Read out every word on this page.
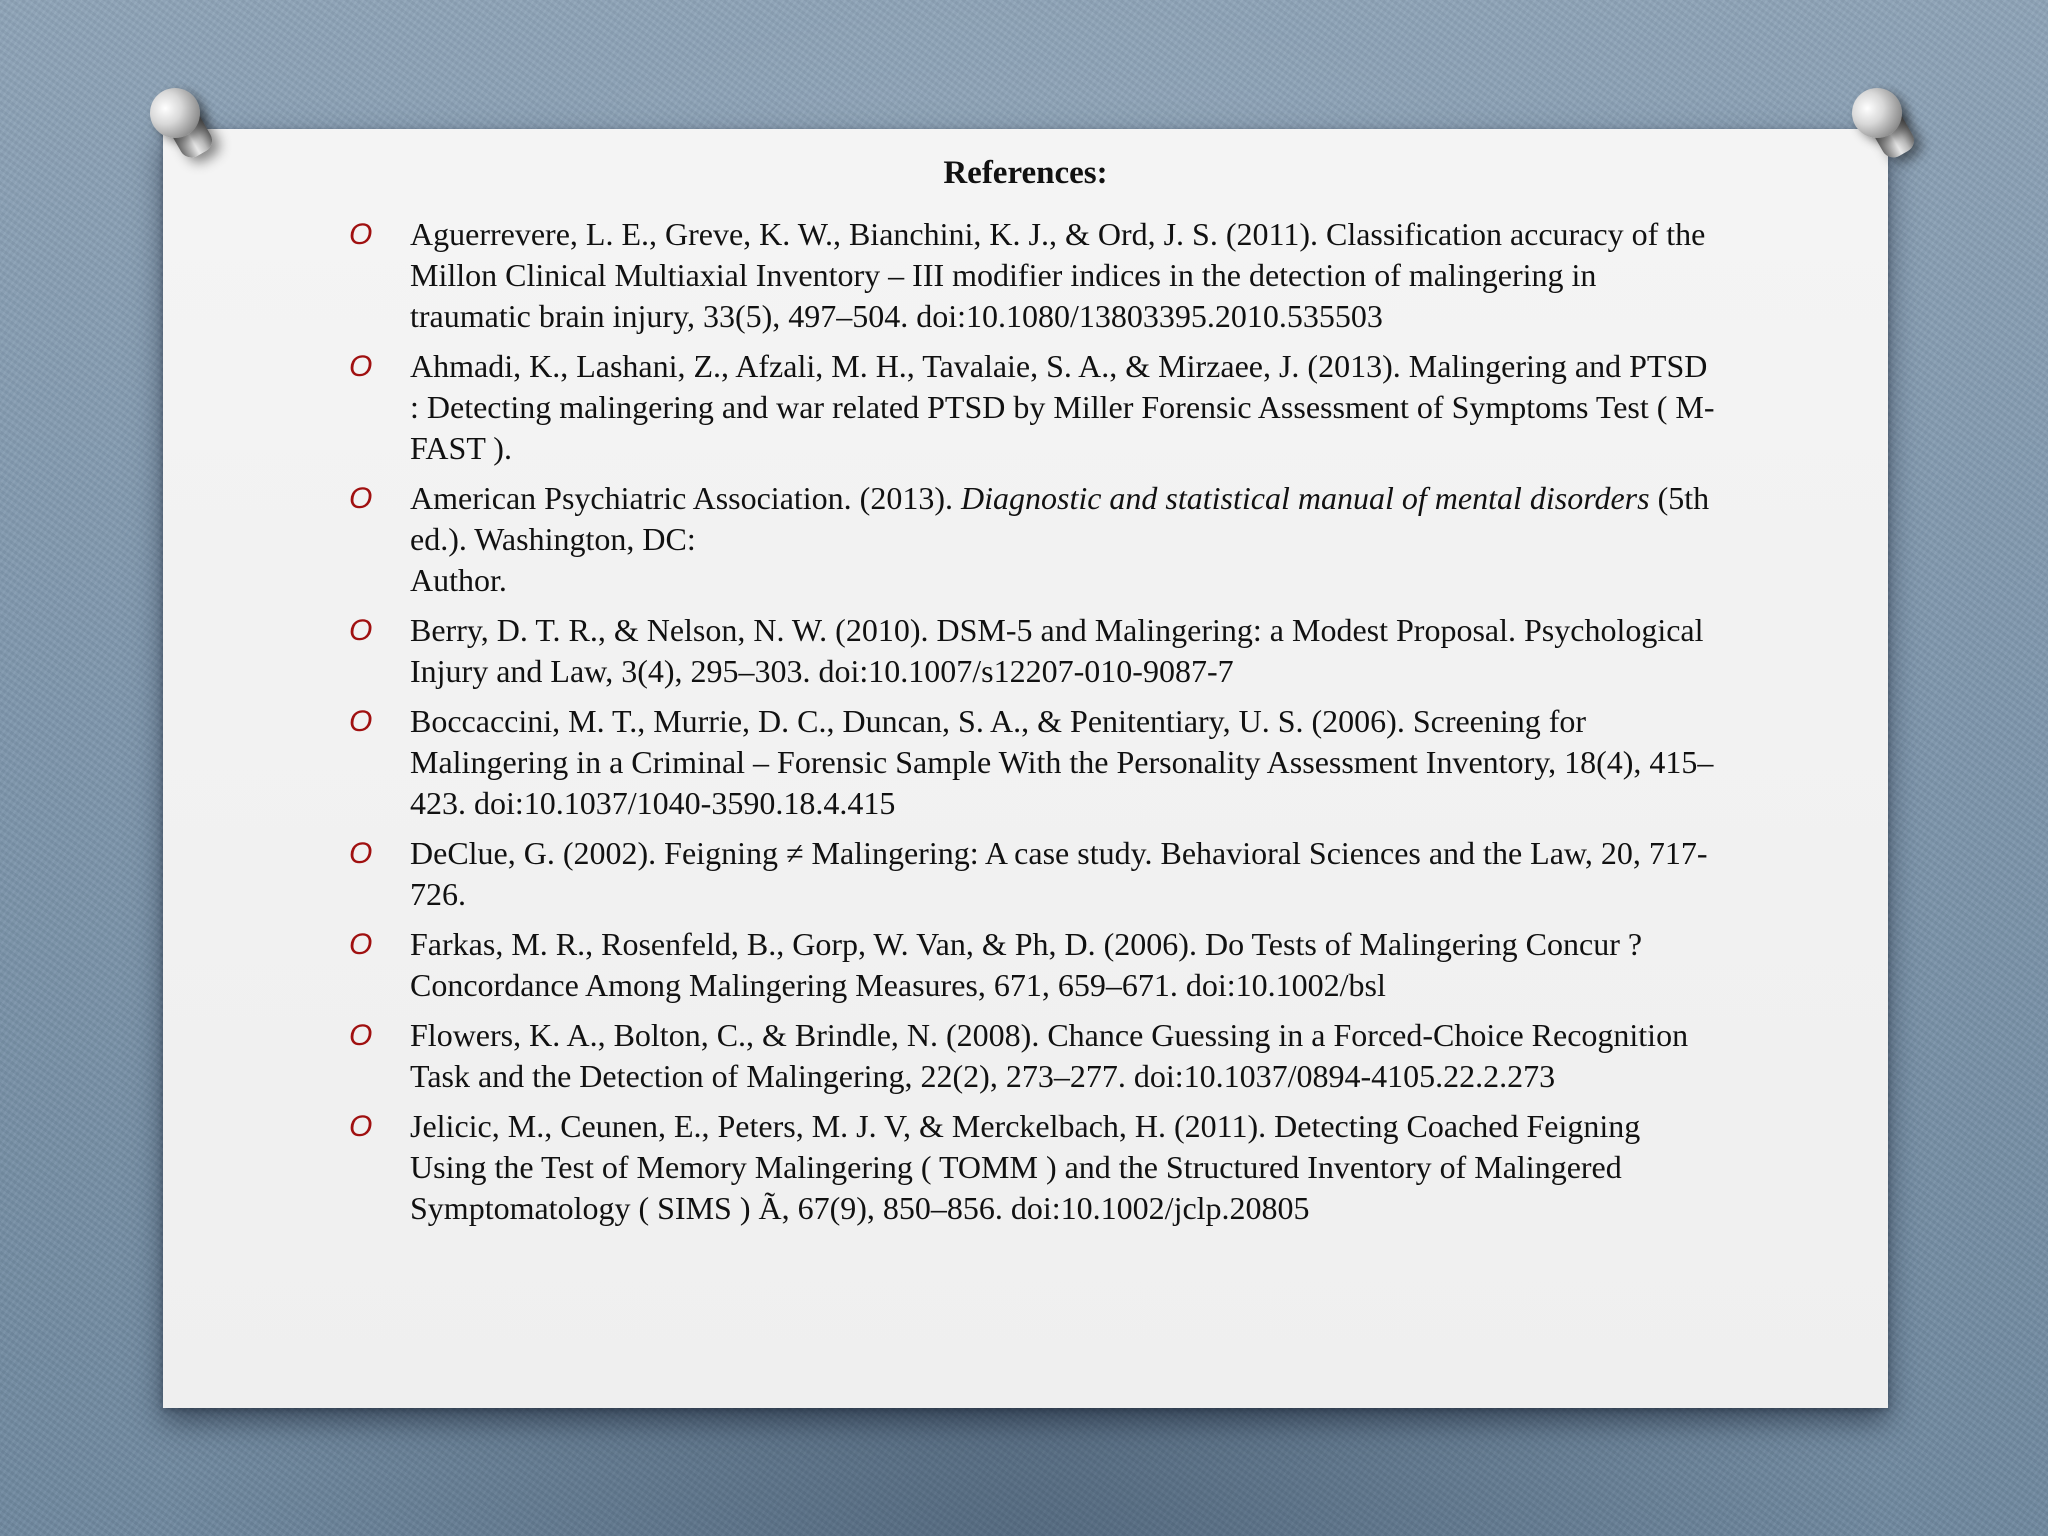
References:
O Aguerrevere, L. E., Greve, K. W., Bianchini, K. J., & Ord, J. S. (2011). Classification accuracy of the Millon Clinical Multiaxial Inventory – III modifier indices in the detection of malingering in traumatic brain injury, 33(5), 497–504. doi:10.1080/13803395.2010.535503
O Ahmadi, K., Lashani, Z., Afzali, M. H., Tavalaie, S. A., & Mirzaee, J. (2013). Malingering and PTSD : Detecting malingering and war related PTSD by Miller Forensic Assessment of Symptoms Test ( M-FAST ).
O American Psychiatric Association. (2013). Diagnostic and statistical manual of mental disorders (5th ed.). Washington, DC:
Author.
O Berry, D. T. R., & Nelson, N. W. (2010). DSM-5 and Malingering: a Modest Proposal. Psychological Injury and Law, 3(4), 295–303. doi:10.1007/s12207-010-9087-7
O Boccaccini, M. T., Murrie, D. C., Duncan, S. A., & Penitentiary, U. S. (2006). Screening for Malingering in a Criminal – Forensic Sample With the Personality Assessment Inventory, 18(4), 415–423. doi:10.1037/1040-3590.18.4.415
O DeClue, G. (2002). Feigning ≠ Malingering: A case study. Behavioral Sciences and the Law, 20, 717-726.
O Farkas, M. R., Rosenfeld, B., Gorp, W. Van, & Ph, D. (2006). Do Tests of Malingering Concur ? Concordance Among Malingering Measures, 671, 659–671. doi:10.1002/bsl
O Flowers, K. A., Bolton, C., & Brindle, N. (2008). Chance Guessing in a Forced-Choice Recognition Task and the Detection of Malingering, 22(2), 273–277. doi:10.1037/0894-4105.22.2.273
O Jelicic, M., Ceunen, E., Peters, M. J. V, & Merckelbach, H. (2011). Detecting Coached Feigning Using the Test of Memory Malingering ( TOMM ) and the Structured Inventory of Malingered Symptomatology ( SIMS ) Ã, 67(9), 850–856. doi:10.1002/jclp.20805
